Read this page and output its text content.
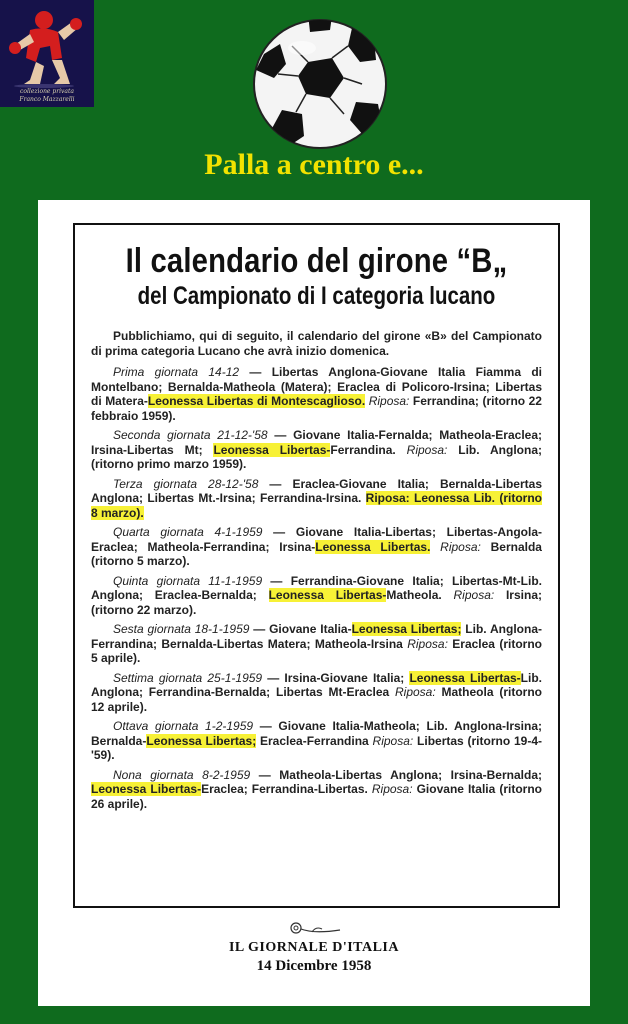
collezione privata
Franco Mazzarelli
Palla a centro e...
Il calendario del girone “B„
del Campionato di I categoria lucano

Pubblichiamo, qui di seguito, il calendario del girone «B» del Campionato di prima categoria Lucano che avrà inizio domenica.

Prima giornata 14-12 — Libertas Anglona-Giovane Italia Fiamma di Montelbano; Bernalda-Matheola (Matera); Eraclea di Policoro-Irsina; Libertas di Matera-Leonessa Libertas di Montescaglioso. Riposa: Ferrandina; (ritorno 22 febbraio 1959).
Seconda giornata 21-12-'58 — Giovane Italia-Fernalda; Matheola-Eraclea; Irsina-Libertas Mt; Leonessa Libertas-Ferrandina. Riposa: Lib. Anglona; (ritorno primo marzo 1959).
Terza giornata 28-12-'58 — Eraclea-Giovane Italia; Bernalda-Libertas Anglona; Libertas Mt.-Irsina; Ferrandina-Irsina. Riposa: Leonessa Lib. (ritorno 8 marzo).
Quarta giornata 4-1-1959 — Giovane Italia-Libertas; Libertas-Angola-Eraclea; Matheola-Ferrandina; Irsina-Leonessa Libertas. Riposa: Bernalda (ritorno 5 marzo).
Quinta giornata 11-1-1959 — Ferrandina-Giovane Italia; Libertas-Mt-Lib. Anglona; Eraclea-Bernalda; Leonessa Libertas-Matheola. Riposa: Irsina; (ritorno 22 marzo).
Sesta giornata 18-1-1959 — Giovane Italia-Leonessa Libertas; Lib. Anglona-Ferrandina; Bernalda-Libertas Matera; Matheola-Irsina Riposa: Eraclea (ritorno 5 aprile).
Settima giornata 25-1-1959 — Irsina-Giovane Italia; Leonessa Libertas-Lib. Anglona; Ferrandina-Bernalda; Libertas Mt-Eraclea Riposa: Matheola (ritorno 12 aprile).
Ottava giornata 1-2-1959 — Giovane Italia-Matheola; Lib. Anglona-Irsina; Bernalda-Leonessa Libertas; Eraclea-Ferrandina Riposa: Libertas (ritorno 19-4-'59).
Nona giornata 8-2-1959 — Matheola-Libertas Anglona; Irsina-Bernalda; Leonessa Libertas-Eraclea; Ferrandina-Libertas. Riposa: Giovane Italia (ritorno 26 aprile).
IL GIORNALE D'ITALIA
14 Dicembre 1958
